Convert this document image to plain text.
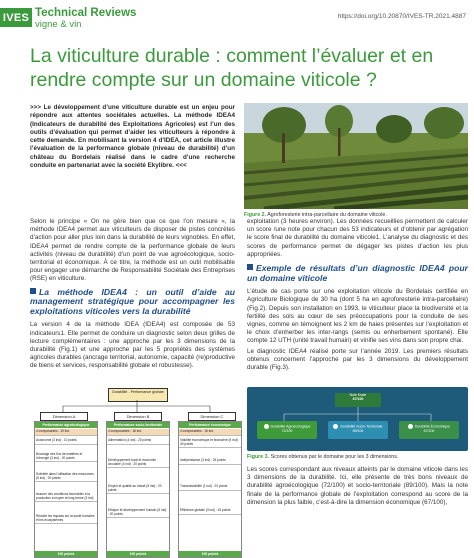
IVES Technical Reviews
vigne & vin
https://doi.org/10.20870/IVES-TR.2021.4887
La viticulture durable : comment l’évaluer et en rendre compte sur un domaine viticole ?
>>> Le développement d’une viticulture durable est un enjeu pour répondre aux attentes sociétales actuelles. La méthode IDEA4 (Indicateurs de durabilité des Exploitations Agricoles) est l’un des outils d’évaluation qui permet d’aider les viticulteurs à répondre à cette demande. En mobilisant la version 4 d’IDEA, cet article illustre l’évaluation de la performance globale (niveau de durabilité) d’un château du Bordelais réalisé dans le cadre d’une recherche conduite en partenariat avec la société Ekylibre. <<<
Figure 2. Agroforesterie intra-parcellaire du domaine viticole.

Selon le principe « On ne gère bien que ce que l’on mesure », la méthode IDEA4 permet aux viticulteurs de disposer de pistes concrètes d’action pour aller plus loin dans la durabilité de leurs vignobles. En effet, IDEA4 permet de rendre compte de la performance globale de leurs activités (niveau de durabilité) d’un point de vue agroécologique, socio-territorial et économique. À ce titre, la méthode est un outil mobilisable pour engager une démarche de Responsabilité Sociétale des Entreprises (RSE) en viticulture.

La méthode IDEA4 : un outil d’aide au management stratégique pour accompagner les exploitations viticoles vers la durabilité

La version 4 de la méthode IDEA (IDEA4) est composée de 53 indicateurs1. Elle permet de conduire un diagnostic selon deux grilles de lecture complémentaires : une approche par les 3 dimensions de la durabilité (Fig.1) et une approche par les 5 propriétés des systèmes agricoles durables (ancrage territorial, autonomie, capacité (re)productive de biens et services, responsabilité globale et robustesse).

exploitation (3 heures environ). Les données recueillies permettent de calculer un score /une note pour chacun des 53 indicateurs et d’obtenir par agrégation le score final de durabilité du domaine viticole1. L’analyse du diagnostic et des scores de performance permet de dégager les pistes d’action les plus appropriées.

Exemple de résultats d’un diagnostic IDEA4 pour un domaine viticole

L’étude de cas porte sur une exploitation viticole du Bordelais certifiée en Agriculture Biologique de 30 ha (dont 5 ha en agroforesterie intra-parcellaire) (Fig.2). Depuis son installation en 1993, le viticulteur place la biodiversité et la fertilité des sols au cœur de ses préoccupations pour la conduite de ses vignes, comme en témoignent les 2 km de haies présentes sur l’exploitation et le choix d’enherber les inter-rangs (semis ou enherbement spontané). Elle compte 12 UTH (unité travail humain) et vinifie ses vins dans son propre chai.

Le diagnostic IDEA4 réalisé porte sur l’année 2019. Les premiers résultats obtenus concernent l’approche par les 3 dimensions du développement durable (Fig.3).

Durabilité - Performance globale
Dimension A	Dimension B	Dimension C
Performance agroécologique
4 composantes : 19 ind.
Autonomie (3 ind) : 10 points
Bouclage des flux de matières et d’énergie (3 ind) : 20 points
Sobriété dans l’utilisation des ressources (5 ind) : 20 points
Assurer des conditions favorables à la production à moyen et long terme (3 ind)
Réduire les impacts sur la santé humaine et les écosystèmes
100 points
Performance socio-territoriale
4 composantes : 18 ind.
Alimentation (4 ind) : 20 points
Développement local et économie circulaire (4 ind) : 20 points
Emploi et qualité au travail (5 ind) : 20 points
Ethique et développement humain (5 ind) : 20 points
100 points
Performance économique
4 composantes : 16 ind.
Viabilité économique et financière (5 ind) : 40 points
Indépendance (3 ind) : 25 points
Transmissibilité (1 ind) : 20 points
Efficience globale (3 ind) : 15 points
100 points
Note finale
67/100
Durabilité Agroécologique
72/100
Durabilité Socio-Territoriale
89/100
Durabilité Économique
67/100
Figure 3. Scores obtenus par le domaine pour les 3 dimensions.
Les scores correspondant aux niveaux atteints par le domaine viticole dans les 3 dimensions de la durabilité. Ici, elle présente de très bons niveaux de durabilité agroécologique (72/100) et socio-territoriale (89/100). Mais la note finale de la performance globale de l’exploitation correspond au score de la dimension la plus faible, c’est-à-dire la dimension économique (67/100),
